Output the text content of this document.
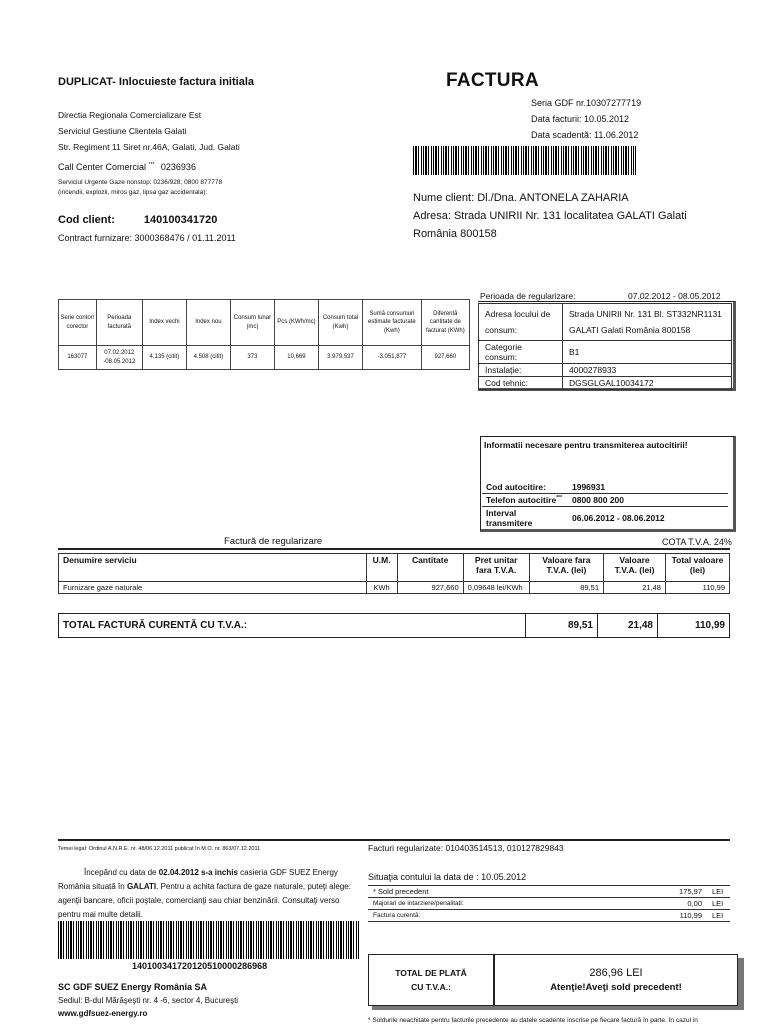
DUPLICAT- Inlocuieste factura initiala	FACTURA
Seria GDF nr.10307277719
Data facturii: 10.05.2012
Data scadentă: 11.06.2012
Directia Regionala Comercializare Est
Serviciul Gestiune Clientela Galati
Str. Regiment 11 Siret nr.46A, Galati, Jud. Galati
Call Center Comercial *** 0236936
Serviciul Urgente Gaze nonstop: 0236/928; 0800 877778
(incendii, explozii, miros gaz, lipsa gaz accidentala):
Cod client:	140100341720
Contract furnizare: 3000368476 / 01.11.2011
Nume client: Dl./Dna. ANTONELA ZAHARIA
Adresa: Strada UNIRII Nr. 131 localitatea GALATI Galati
România 800158
Serie contor/ corector	Perioada facturată	Index vechi	Index nou	Consum lunar (mc)	Pcs (KWh/mc)	Consum total (Kwh)	Sumă consumuri estimate facturate (Kwh)	Diferentă cantitate de facturat (KWh)
163077	07.02.2012 -08.05.2012	4.135 (citit)	4.508 (citit)	373	10,669	3.979,537	-3.051,877	927,660
Perioada de regularizare:	07.02.2012 - 08.05.2012
Adresa locului de consum:	Strada UNIRII Nr. 131 Bl. ST332NR1131 GALATI Galati România 800158
Categorie consum:	B1
Instalaţie:	4000278933
Cod tehnic:	DGSGLGAL10034172
Informatii necesare pentru transmiterea autocitirii!
Cod autocitire:	1996931
Telefon autocitire***	0800 800 200
Interval transmitere	06.06.2012 - 08.06.2012
Factură de regularizare	COTA T.V.A. 24%
Denumire serviciu	U.M.	Cantitate	Pret unitar fara T.V.A.	Valoare fara T.V.A. (lei)	Valoare T.V.A. (lei)	Total valoare (lei)
Furnizare gaze naturale	KWh	927,660	0,09648 lei/KWh	89,51	21,48	110,99
TOTAL FACTURĂ CURENTĂ CU T.V.A.:	89,51	21,48	110,99
Temei legal: Ordinul A.N.R.E. nr. 48/06.12.2011 publicat în M.O. nr. 863/07.12.2011	Facturi regularizate: 010403514513, 010127829843
Începând cu data de 02.04.2012 s-a inchis casieria GDF SUEZ Energy România situată în GALATI. Pentru a achita factura de gaze naturale, puteţi alege: agenţii bancare, oficii poştale, comercianţi sau chiar benzinării. Consultaţi verso pentru mai multe detalii.
140100341720120510000286968
SC GDF SUEZ Energy România SA
Sediul: B-dul Mărăşeşti nr. 4 -6, sector 4, Bucureşti
www.gdfsuez-energy.ro
Situaţia contului la data de : 10.05.2012
* Sold precedent	175,97	LEI
Majorari de intarziere/penalitati:	0,00	LEI
Factura curentă:	110,99	LEI
TOTAL DE PLATĂ CU T.V.A.:
286,96 LEI
Atenţie!Aveţi sold precedent!
* Soldurile neachitate pentru facturile precedente au datele scadente inscrise pe fiecare factură în parte. În cazul in
